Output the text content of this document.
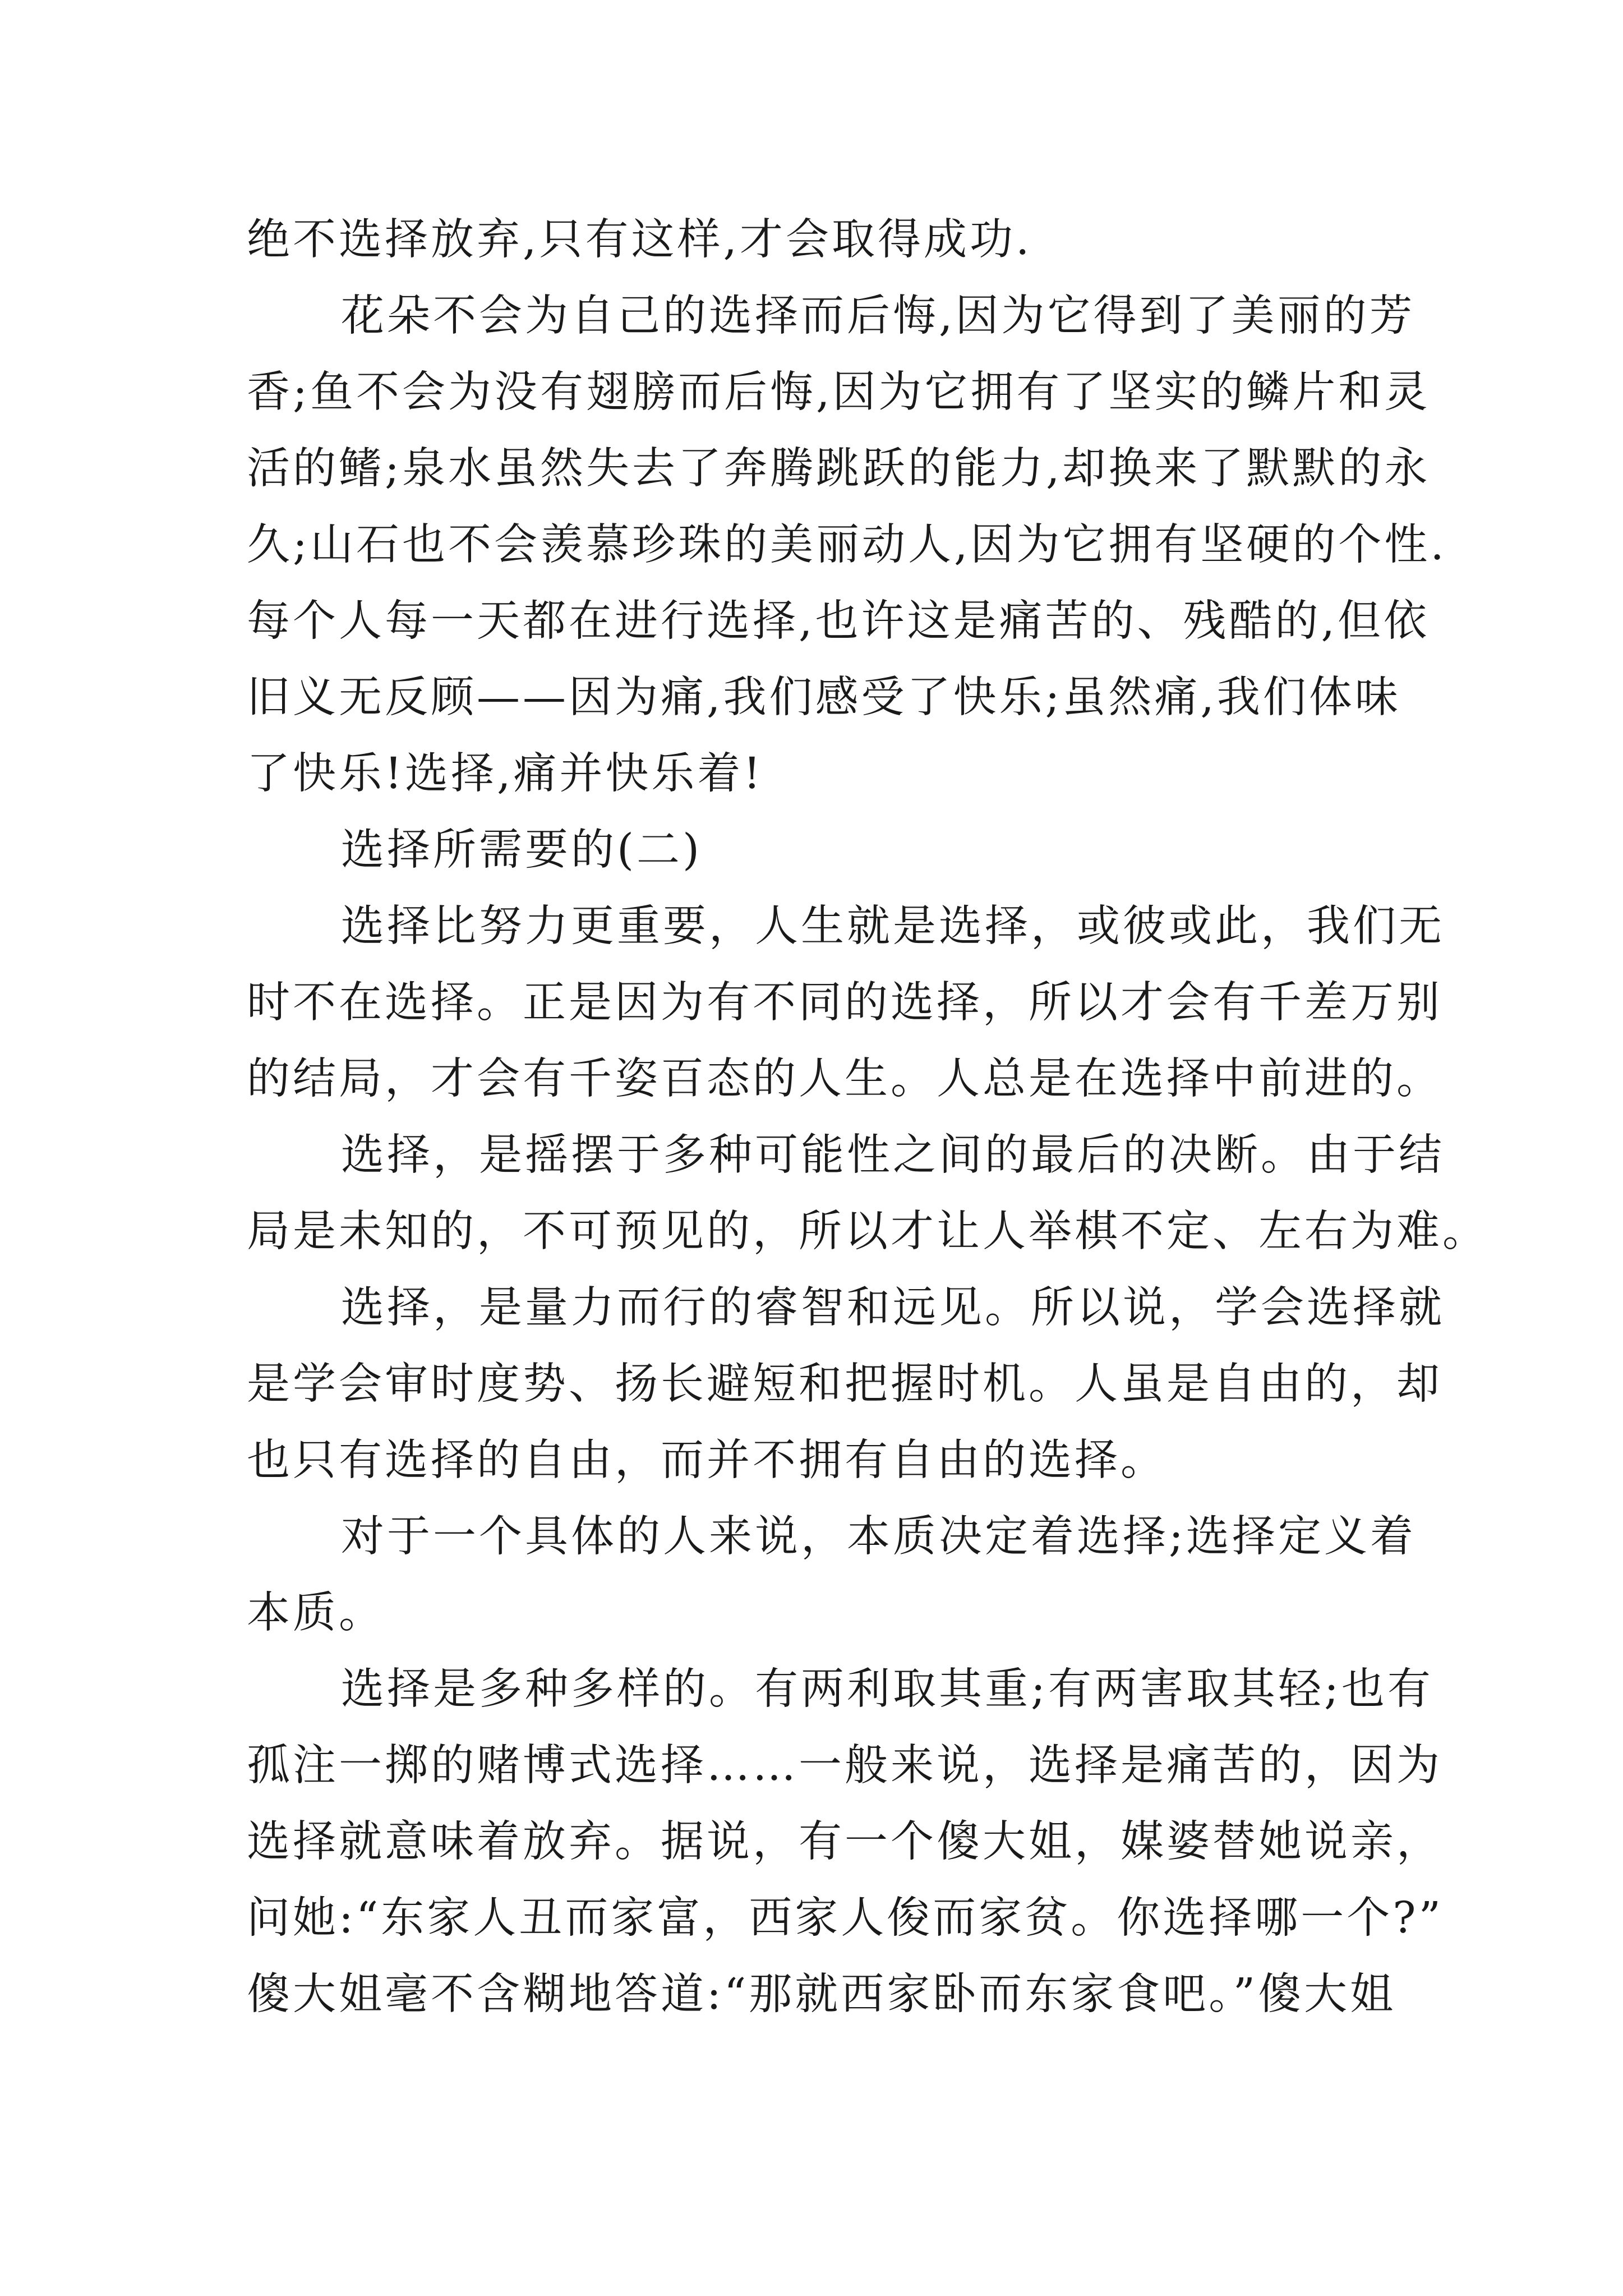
绝不选择放弃,只有这样,才会取得成功.
花朵不会为自己的选择而后悔,因为它得到了美丽的芳
香;鱼不会为没有翅膀而后悔,因为它拥有了坚实的鳞片和灵
活的鳍;泉水虽然失去了奔腾跳跃的能力,却换来了默默的永
久;山石也不会羡慕珍珠的美丽动人,因为它拥有坚硬的个性.
每个人每一天都在进行选择,也许这是痛苦的、残酷的,但依
旧义无反顾——因为痛,我们感受了快乐;虽然痛,我们体味
了快乐!选择,痛并快乐着!
选择所需要的(二)
选择比努力更重要，人生就是选择，或彼或此，我们无
时不在选择。正是因为有不同的选择，所以才会有千差万别
的结局，才会有千姿百态的人生。人总是在选择中前进的。
选择，是摇摆于多种可能性之间的最后的决断。由于结
局是未知的，不可预见的，所以才让人举棋不定、左右为难。
选择，是量力而行的睿智和远见。所以说，学会选择就
是学会审时度势、扬长避短和把握时机。人虽是自由的，却
也只有选择的自由，而并不拥有自由的选择。
对于一个具体的人来说，本质决定着选择;选择定义着
本质。
选择是多种多样的。有两利取其重;有两害取其轻;也有
孤注一掷的赌博式选择……一般来说，选择是痛苦的，因为
选择就意味着放弃。据说，有一个傻大姐，媒婆替她说亲，
问她:“东家人丑而家富，西家人俊而家贫。你选择哪一个?”
傻大姐毫不含糊地答道:“那就西家卧而东家食吧。”傻大姐
